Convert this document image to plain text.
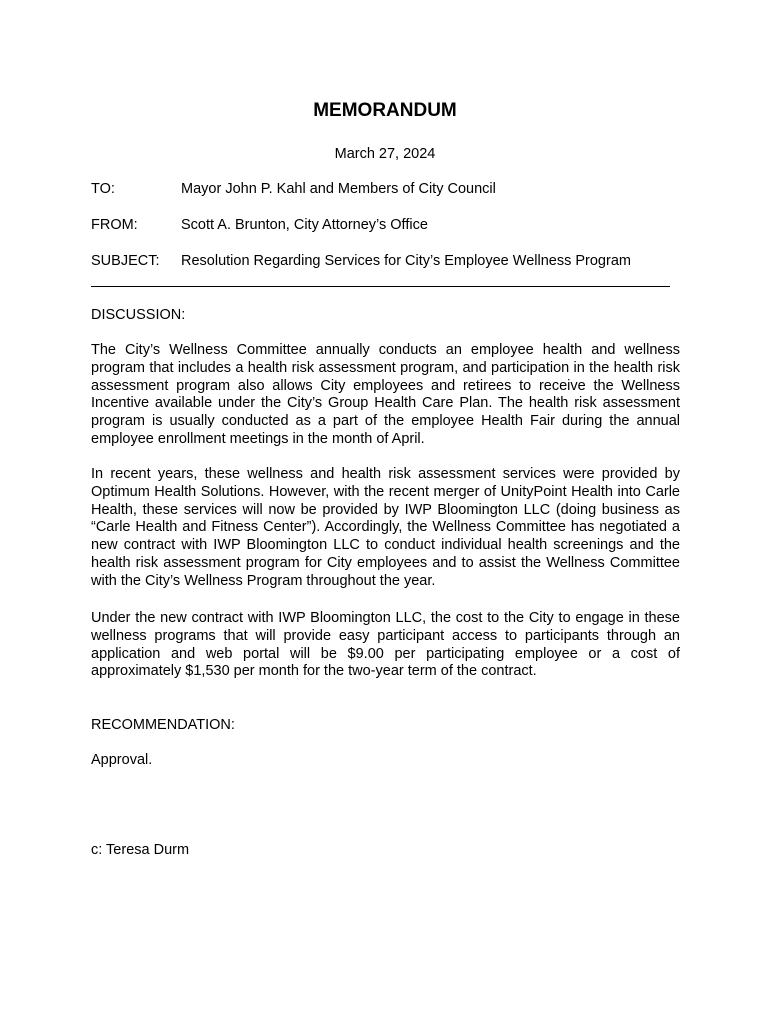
MEMORANDUM
March 27, 2024
TO:	Mayor John P. Kahl and Members of City Council
FROM:	Scott A. Brunton, City Attorney’s Office
SUBJECT: Resolution Regarding Services for City’s Employee Wellness Program
DISCUSSION:

The City’s Wellness Committee annually conducts an employee health and wellness program that includes a health risk assessment program, and participation in the health risk assessment program also allows City employees and retirees to receive the Wellness Incentive available under the City’s Group Health Care Plan. The health risk assessment program is usually conducted as a part of the employee Health Fair during the annual employee enrollment meetings in the month of April.

In recent years, these wellness and health risk assessment services were provided by Optimum Health Solutions. However, with the recent merger of UnityPoint Health into Carle Health, these services will now be provided by IWP Bloomington LLC (doing business as “Carle Health and Fitness Center”). Accordingly, the Wellness Committee has negotiated a new contract with IWP Bloomington LLC to conduct individual health screenings and the health risk assessment program for City employees and to assist the Wellness Committee with the City’s Wellness Program throughout the year.

Under the new contract with IWP Bloomington LLC, the cost to the City to engage in these wellness programs that will provide easy participant access to participants through an application and web portal will be $9.00 per participating employee or a cost of approximately $1,530 per month for the two-year term of the contract.

RECOMMENDATION:
Approval.
c: Teresa Durm
